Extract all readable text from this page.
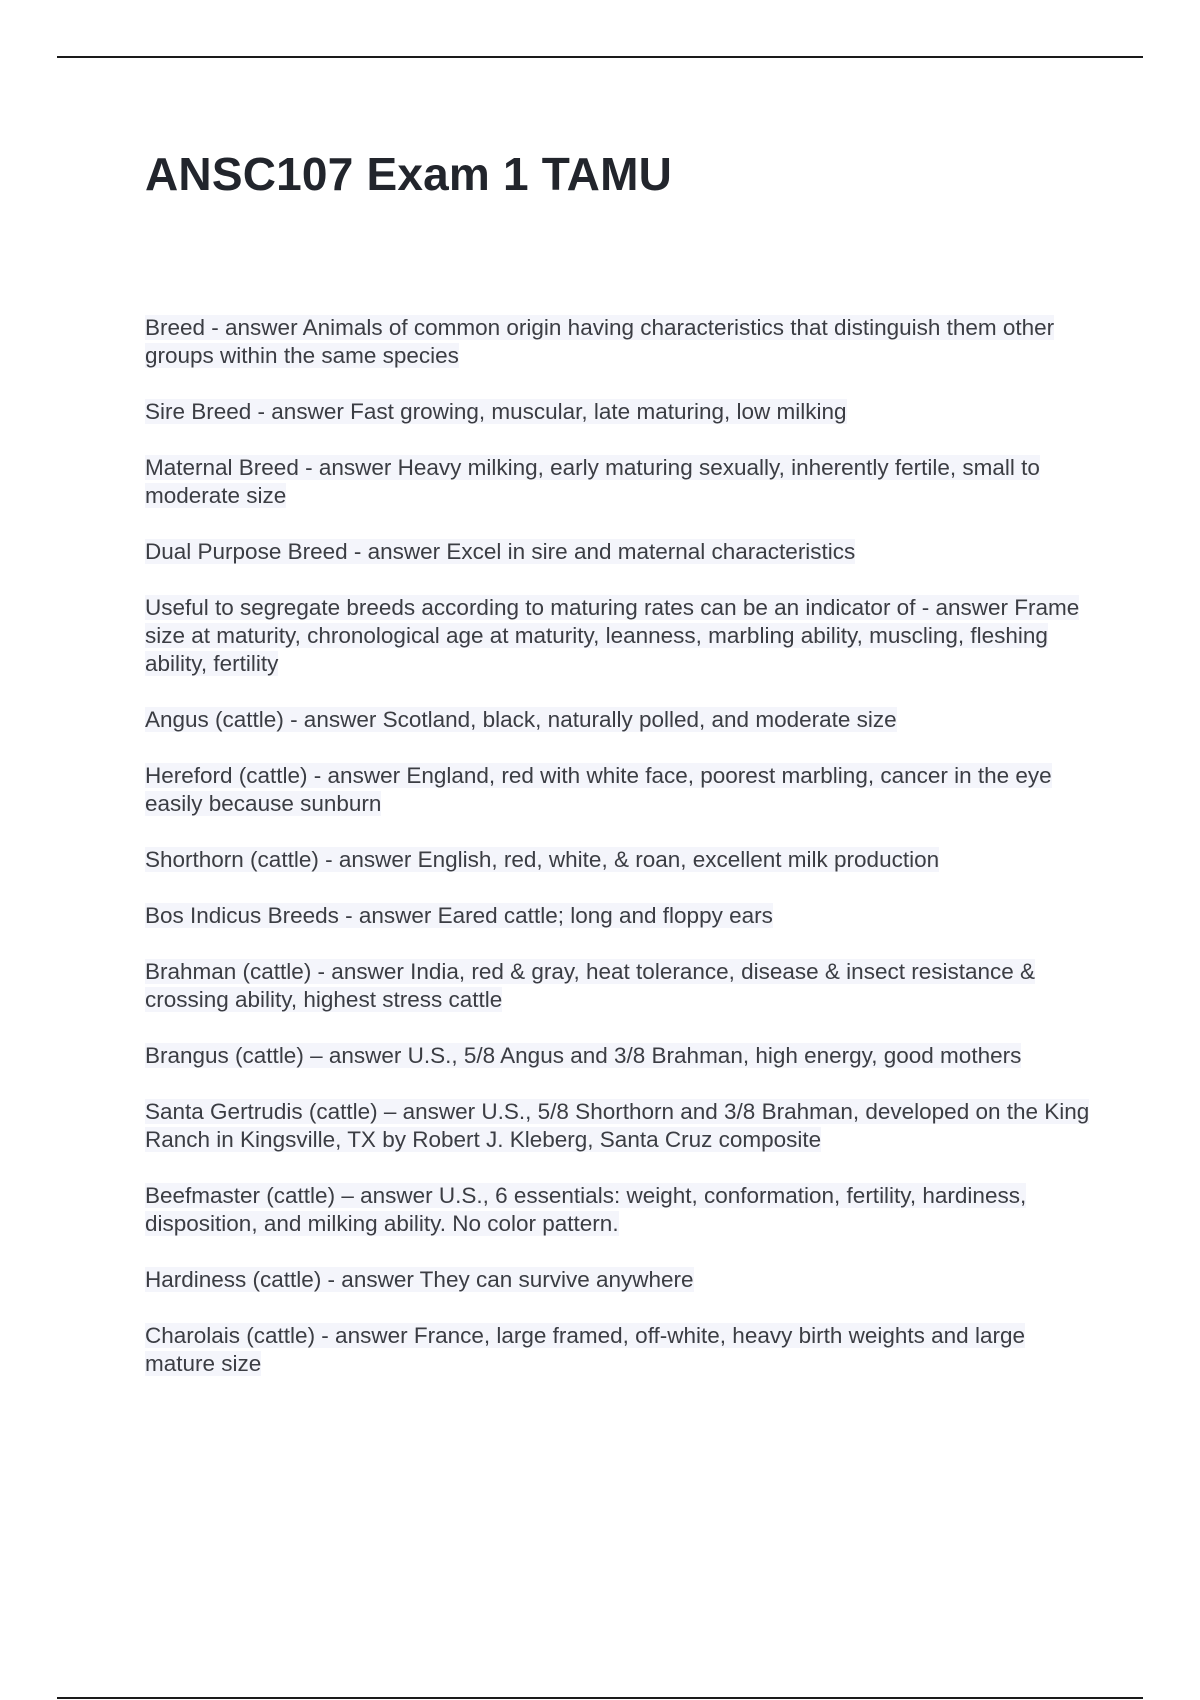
ANSC107 Exam 1 TAMU
Breed - answer Animals of common origin having characteristics that distinguish them other groups within the same species
Sire Breed - answer Fast growing, muscular, late maturing, low milking
Maternal Breed - answer Heavy milking, early maturing sexually, inherently fertile, small to moderate size
Dual Purpose Breed - answer Excel in sire and maternal characteristics
Useful to segregate breeds according to maturing rates can be an indicator of - answer Frame size at maturity, chronological age at maturity, leanness, marbling ability, muscling, fleshing ability, fertility
Angus (cattle) - answer Scotland, black, naturally polled, and moderate size
Hereford (cattle) - answer England, red with white face, poorest marbling, cancer in the eye easily because sunburn
Shorthorn (cattle) - answer English, red, white, & roan, excellent milk production
Bos Indicus Breeds - answer Eared cattle; long and floppy ears
Brahman (cattle) - answer India, red & gray, heat tolerance, disease & insect resistance & crossing ability, highest stress cattle
Brangus (cattle) – answer U.S., 5/8 Angus and 3/8 Brahman, high energy, good mothers
Santa Gertrudis (cattle) – answer U.S., 5/8 Shorthorn and 3/8 Brahman, developed on the King Ranch in Kingsville, TX by Robert J. Kleberg, Santa Cruz composite
Beefmaster (cattle) – answer U.S., 6 essentials: weight, conformation, fertility, hardiness, disposition, and milking ability. No color pattern.
Hardiness (cattle) - answer They can survive anywhere
Charolais (cattle) - answer France, large framed, off-white, heavy birth weights and large mature size
